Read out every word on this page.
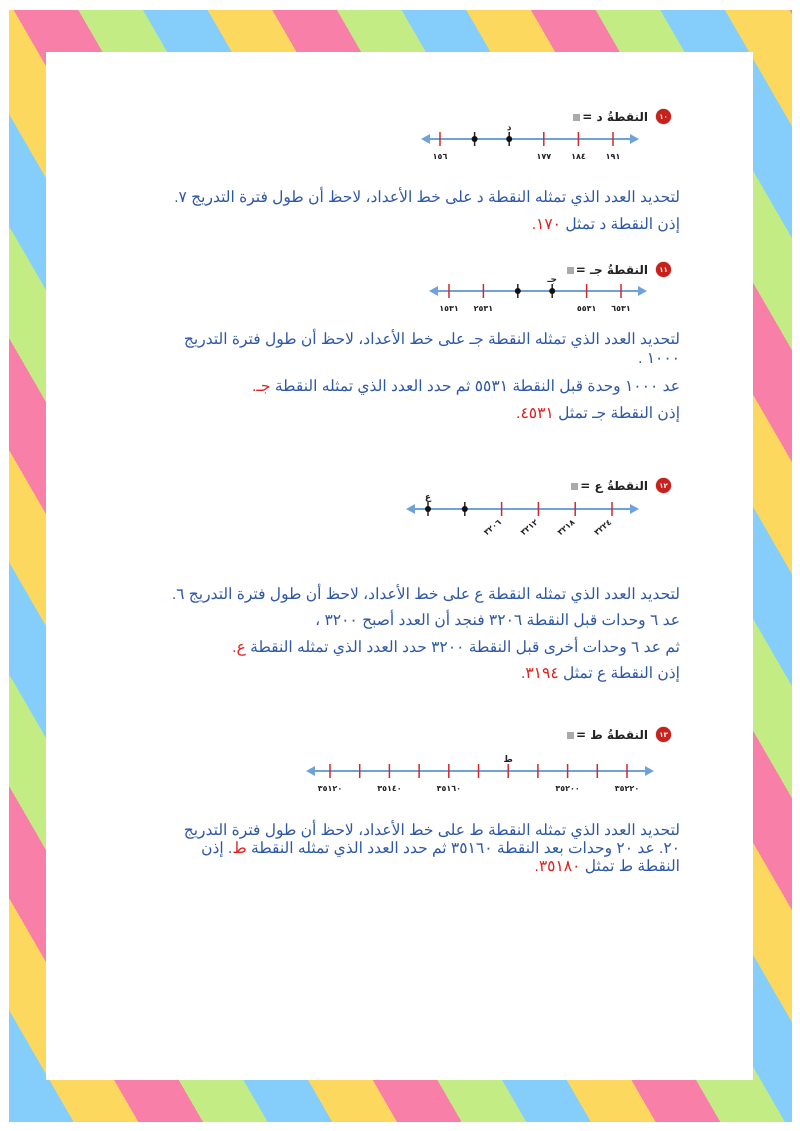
١٠
النقطةُ د =
١٥٦
د
١٧٧ ١٨٤ ١٩١
لتحديد العدد الذي تمثله النقطة د على خط الأعداد، لاحظ أن طول فترة التدريج ٧.
إذن النقطة د تمثل ١٧٠.
١١
النقطةُ جـ =
١٥٣١ ٢٥٣١
جـ
٥٥٣١ ٦٥٣١
لتحديد العدد الذي تمثله النقطة جـ على خط الأعداد، لاحظ أن طول فترة التدريج
١٠٠٠ .
عد ١٠٠٠ وحدة قبل النقطة ٥٥٣١ ثم حدد العدد الذي تمثله النقطة جـ.
إذن النقطة جـ تمثل ٤٥٣١.
١٢
النقطةُ ع =
ع
٣٢٠٦ ٣٢١٢ ٣٢١٨ ٣٢٢٤
لتحديد العدد الذي تمثله النقطة ع على خط الأعداد، لاحظ أن طول فترة التدريج ٦.
عد ٦ وحدات قبل النقطة ٣٢٠٦ فنجد أن العدد أصبح ٣٢٠٠ ،
ثم عد ٦ وحدات أخرى قبل النقطة ٣٢٠٠ حدد العدد الذي تمثله النقطة ع.
إذن النقطة ع تمثل ٣١٩٤.
١٣
النقطةُ ط =
٣٥١٢٠	٣٥١٤٠	٣٥١٦٠
ط
٣٥٢٠٠	٣٥٢٢٠
لتحديد العدد الذي تمثله النقطة ط على خط الأعداد، لاحظ أن طول فترة التدريج
٢٠. عد ٢٠ وحدات بعد النقطة ٣٥١٦٠ ثم حدد العدد الذي تمثله النقطة ط. إذن
النقطة ط تمثل ٣٥١٨٠.
